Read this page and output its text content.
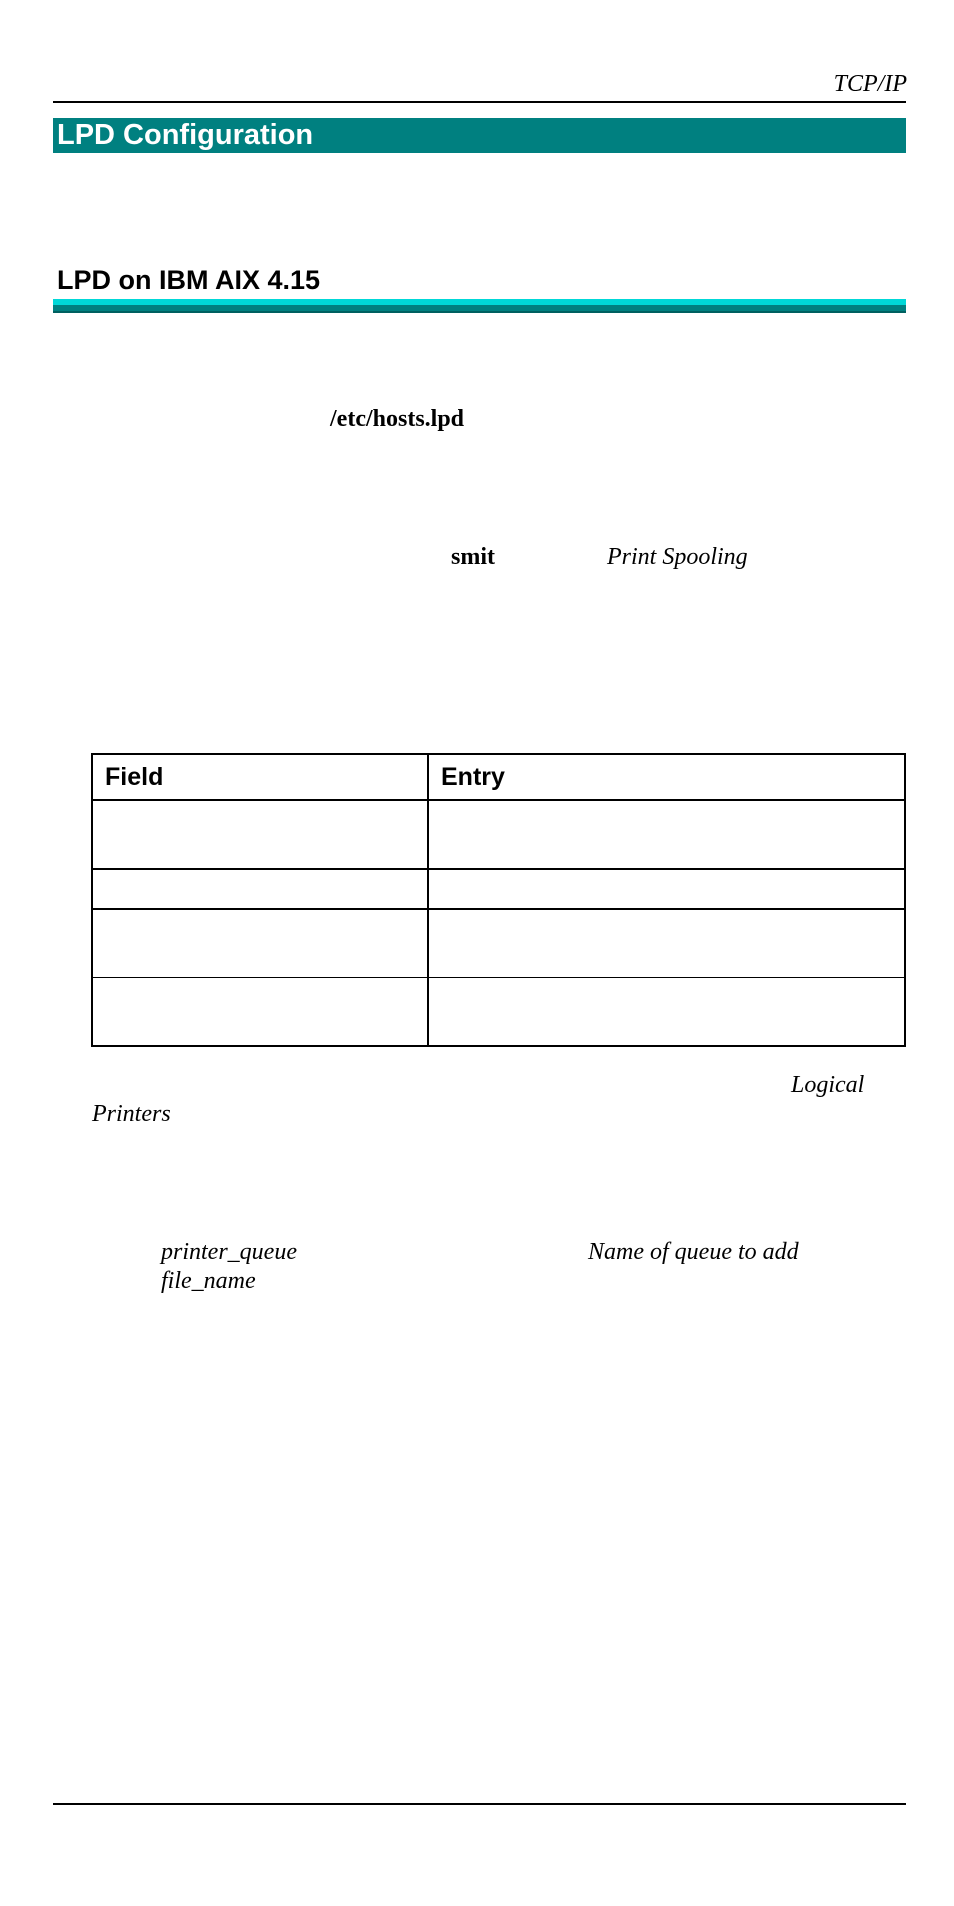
TCP/IP
LPD Configuration
LPD on IBM AIX 4.15
/etc/hosts.lpd
smit	Print Spooling
Field	Entry

Logical
Printers
printer_queue	Name of queue to add
file_name
